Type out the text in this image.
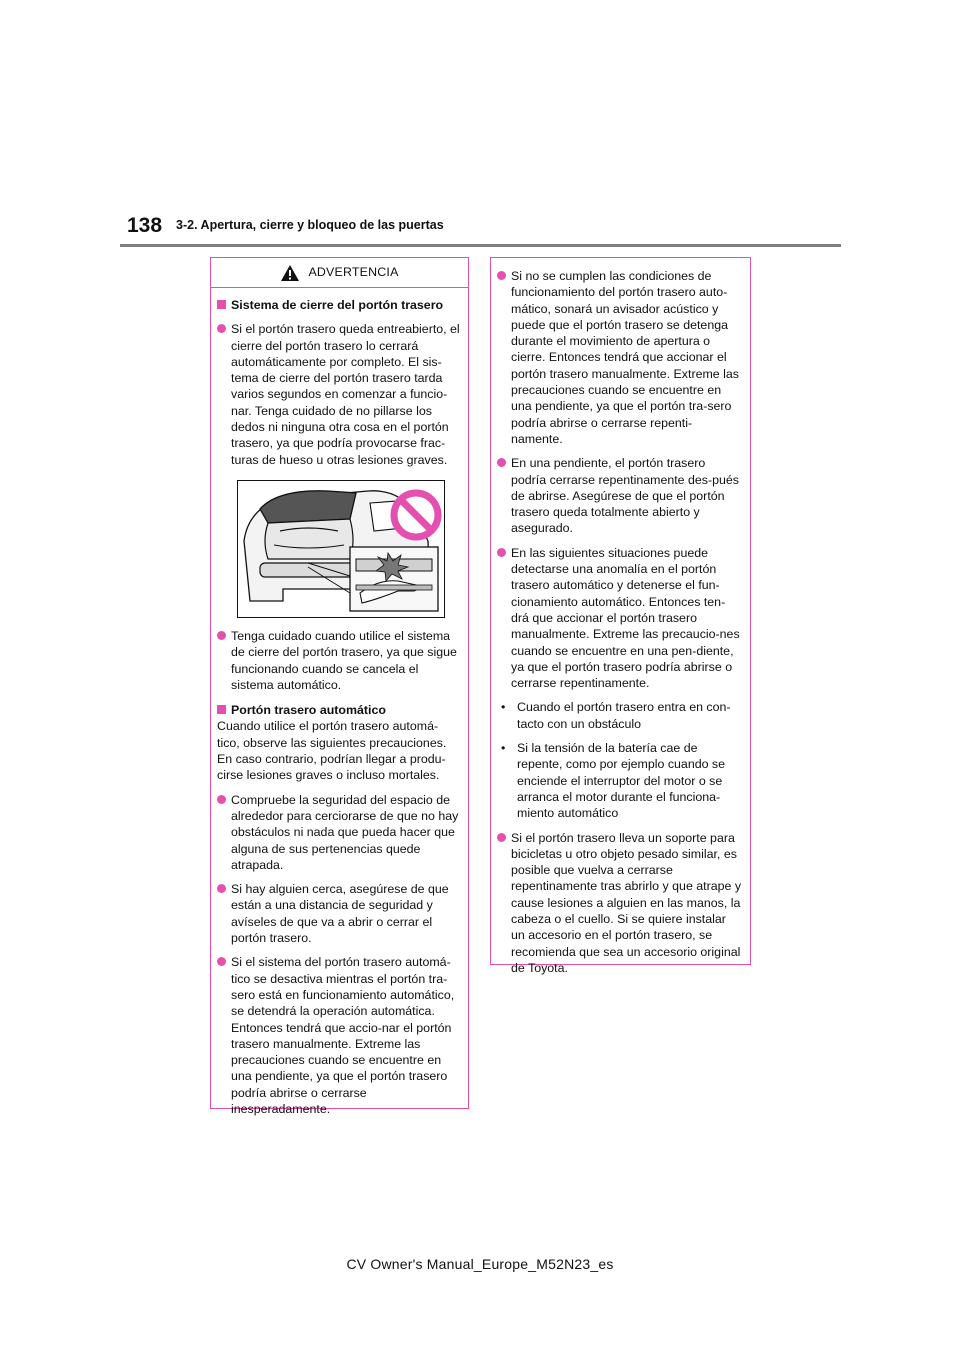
138 3-2. Apertura, cierre y bloqueo de las puertas
ADVERTENCIA
Sistema de cierre del portón trasero
Si el portón trasero queda entreabierto, el cierre del portón trasero lo cerrará automáticamente por completo. El sis-tema de cierre del portón trasero tarda varios segundos en comenzar a funcio-nar. Tenga cuidado de no pillarse los dedos ni ninguna otra cosa en el portón trasero, ya que podría provocarse frac-turas de hueso u otras lesiones graves.
Tenga cuidado cuando utilice el sistema de cierre del portón trasero, ya que sigue funcionando cuando se cancela el sistema automático.
Portón trasero automático
Cuando utilice el portón trasero automá-tico, observe las siguientes precauciones. En caso contrario, podrían llegar a produ-cirse lesiones graves o incluso mortales.
Compruebe la seguridad del espacio de alrededor para cerciorarse de que no hay obstáculos ni nada que pueda hacer que alguna de sus pertenencias quede atrapada.
Si hay alguien cerca, asegúrese de que están a una distancia de seguridad y avíseles de que va a abrir o cerrar el portón trasero.
Si el sistema del portón trasero automá-tico se desactiva mientras el portón tra-sero está en funcionamiento automático, se detendrá la operación automática. Entonces tendrá que accio-nar el portón trasero manualmente. Extreme las precauciones cuando se encuentre en una pendiente, ya que el portón trasero podría abrirse o cerrarse inesperadamente.
Si no se cumplen las condiciones de funcionamiento del portón trasero auto-mático, sonará un avisador acústico y puede que el portón trasero se detenga durante el movimiento de apertura o cierre. Entonces tendrá que accionar el portón trasero manualmente. Extreme las precauciones cuando se encuentre en una pendiente, ya que el portón tra-sero podría abrirse o cerrarse repenti-namente.
En una pendiente, el portón trasero podría cerrarse repentinamente des-pués de abrirse. Asegúrese de que el portón trasero queda totalmente abierto y asegurado.
En las siguientes situaciones puede detectarse una anomalía en el portón trasero automático y detenerse el fun-cionamiento automático. Entonces ten-drá que accionar el portón trasero manualmente. Extreme las precaucio-nes cuando se encuentre en una pen-diente, ya que el portón trasero podría abrirse o cerrarse repentinamente.
• Cuando el portón trasero entra en con-tacto con un obstáculo
• Si la tensión de la batería cae de repente, como por ejemplo cuando se enciende el interruptor del motor o se arranca el motor durante el funciona-miento automático
Si el portón trasero lleva un soporte para bicicletas u otro objeto pesado similar, es posible que vuelva a cerrarse repentinamente tras abrirlo y que atrape y cause lesiones a alguien en las manos, la cabeza o el cuello. Si se quiere instalar un accesorio en el portón trasero, se recomienda que sea un accesorio original de Toyota.
CV Owner's Manual_Europe_M52N23_es
